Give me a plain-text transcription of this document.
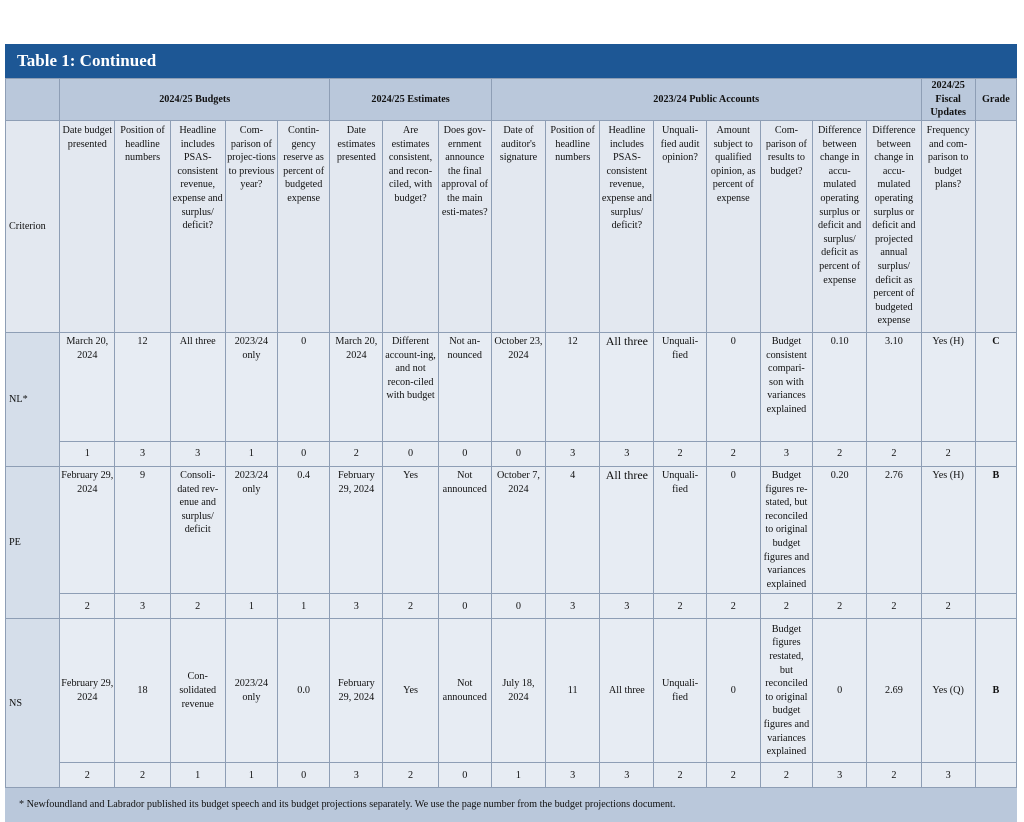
Table 1: Continued
	2024/25 Budgets					2024/25 Estimates			2023/24 Public Accounts								2024/25 Fiscal Updates	Grade
Criterion	Date budget presented	Position of headline numbers	Headline includes PSAS-consistent revenue, expense and surplus/ deficit?	Com-parison of projec-tions to previous year?	Contin-gency reserve as percent of budgeted expense	Date estimates presented	Are estimates consistent, and recon-ciled, with budget?	Does gov-ernment announce the final approval of the main esti-mates?	Date of auditor's signature	Position of headline numbers	Headline includes PSAS-consistent revenue, expense and surplus/ deficit?	Unquali-fied audit opinion?	Amount subject to qualified opinion, as percent of expense	Com-parison of results to budget?	Difference between change in accu-mulated operating surplus or deficit and surplus/ deficit as percent of expense	Difference between change in accu-mulated operating surplus or deficit and projected annual surplus/ deficit as percent of budgeted expense	Frequency and com-parison to budget plans?	
NL*	March 20, 2024	12	All three	2023/24 only	0	March 20, 2024	Different account-ing, and not recon-ciled with budget	Not an-nounced	October 23, 2024	12	All three	Unquali-fied	0	Budget consistent compari-son with variances explained	0.10	3.10	Yes (H)	C
	1	3	3	1	0	2	0	0	0	3	3	2	2	3	2	2	2	
PE	February 29, 2024	9	Consoli-dated rev-enue and surplus/ deficit	2023/24 only	0.4	February 29, 2024	Yes	Not announced	October 7, 2024	4	All three	Unquali-fied	0	Budget figures re-stated, but reconciled to original budget figures and variances explained	0.20	2.76	Yes (H)	B
	2	3	2	1	1	3	2	0	0	3	3	2	2	2	2	2	2	
NS	February 29, 2024	18	Con-solidated revenue	2023/24 only	0.0	February 29, 2024	Yes	Not announced	July 18, 2024	11	All three	Unquali-fied	0	Budget figures restated, but reconciled to original budget figures and variances explained	0	2.69	Yes (Q)	B
	2	2	1	1	0	3	2	0	1	3	3	2	2	2	3	2	3	
* Newfoundland and Labrador published its budget speech and its budget projections separately. We use the page number from the budget projections document.
